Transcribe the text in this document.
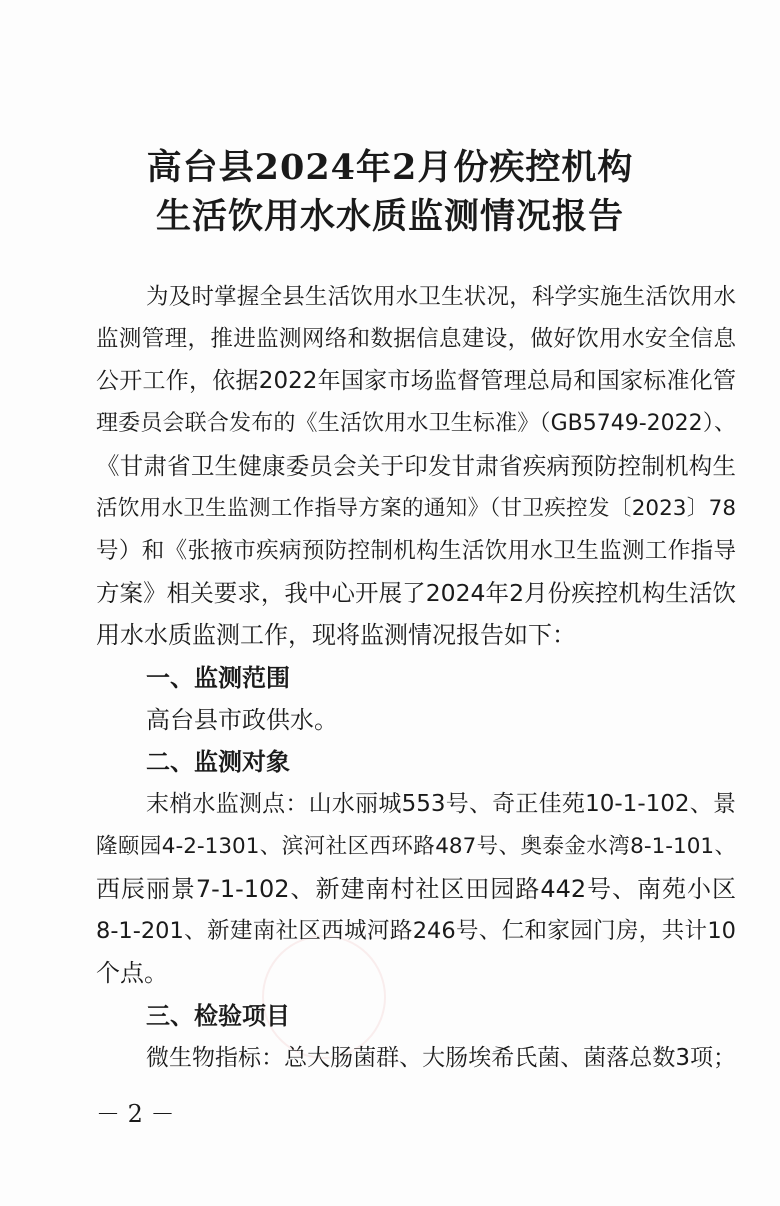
高台县2024年2月份疾控机构
生活饮用水水质监测情况报告
为及时掌握全县生活饮用水卫生状况，科学实施生活饮用水
监测管理，推进监测网络和数据信息建设，做好饮用水安全信息
公开工作，依据2022年国家市场监督管理总局和国家标准化管
理委员会联合发布的《生活饮用水卫生标准》（GB5749-2022）、
《甘肃省卫生健康委员会关于印发甘肃省疾病预防控制机构生
活饮用水卫生监测工作指导方案的通知》（甘卫疾控发〔2023〕78
号）和《张掖市疾病预防控制机构生活饮用水卫生监测工作指导
方案》相关要求，我中心开展了2024年2月份疾控机构生活饮
用水水质监测工作，现将监测情况报告如下：
一、监测范围
高台县市政供水。
二、监测对象
末梢水监测点：山水丽城553号、奇正佳苑10-1-102、景
隆颐园4-2-1301、滨河社区西环路487号、奥泰金水湾8-1-101、
西辰丽景7-1-102、新建南村社区田园路442号、南苑小区
8-1-201、新建南社区西城河路246号、仁和家园门房，共计10
个点。
三、检验项目
微生物指标：总大肠菌群、大肠埃希氏菌、菌落总数3项；
－ 2 －
